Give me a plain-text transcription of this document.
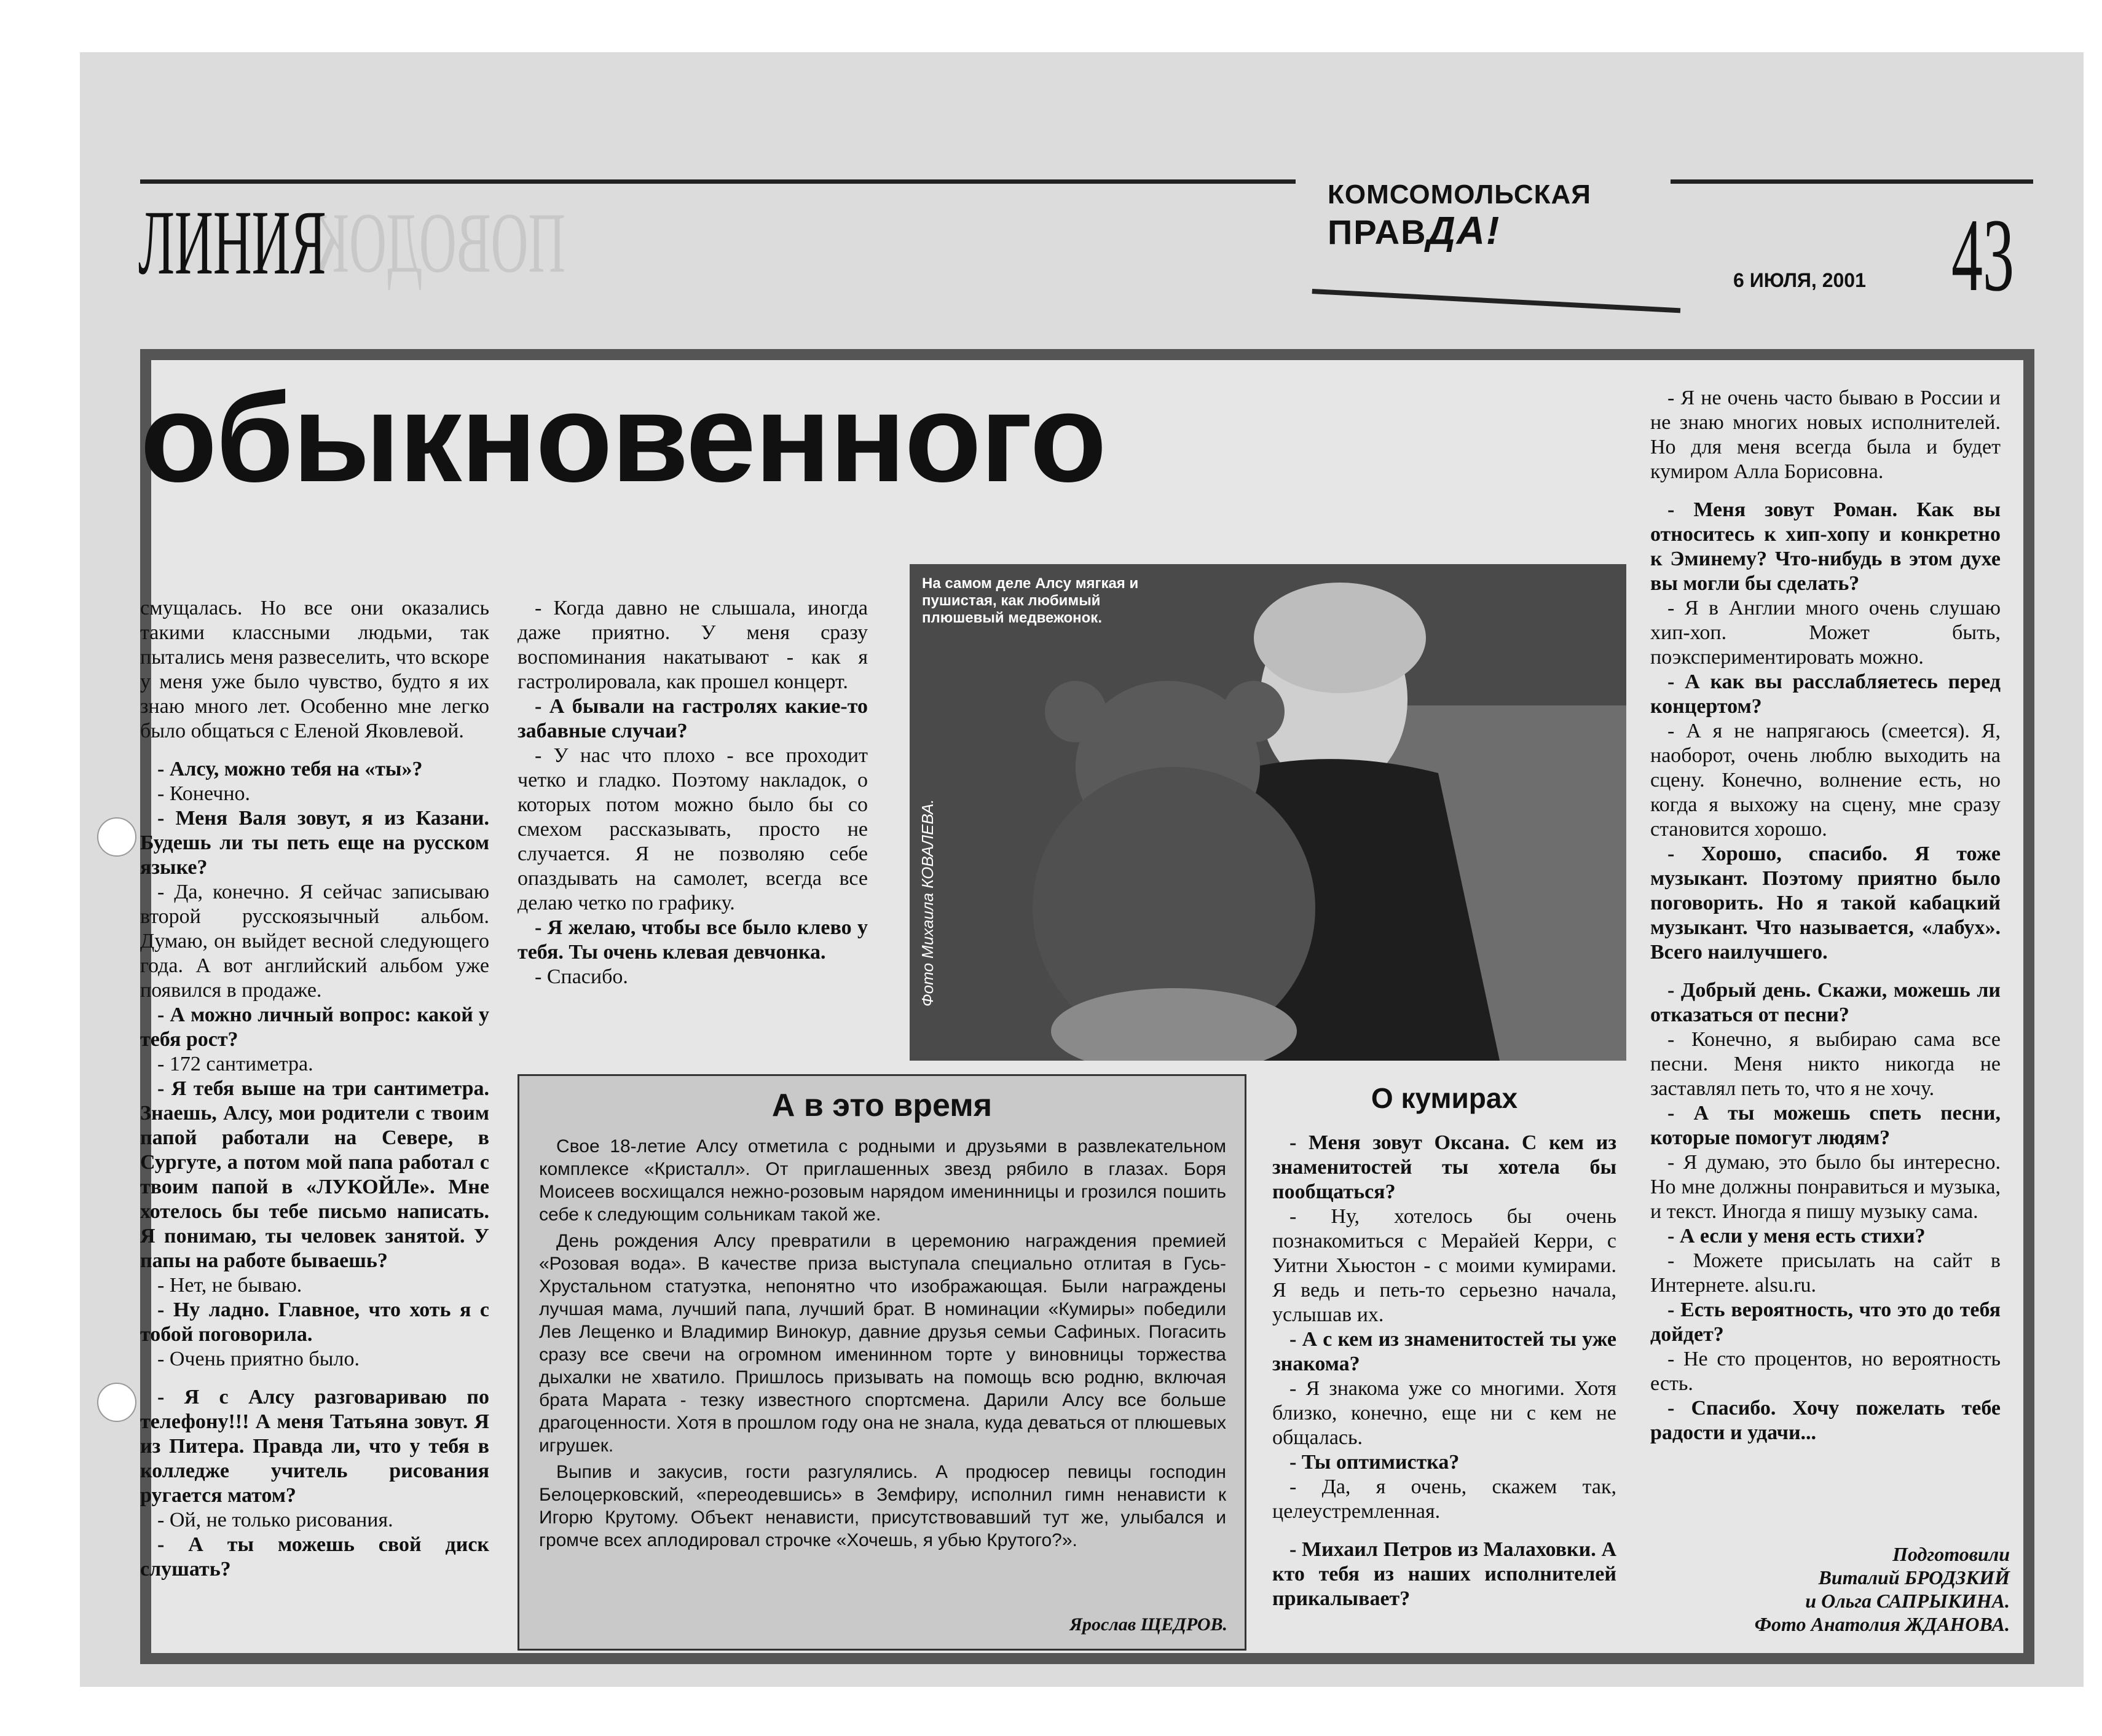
ПОВОДОК
ЛИНИЯ	КОМСОМОЛЬСКАЯ
ПРАВДА!
6 ИЮЛЯ, 2001 43
обыкновенного

смущалась. Но все они оказались такими классными людьми, так пытались меня развеселить, что вскоре у меня уже было чувство, будто я их знаю много лет. Особенно мне легко было общаться с Еленой Яковлевой.

- Алсу, можно тебя на «ты»?

- Конечно.

- Меня Валя зовут, я из Казани. Будешь ли ты петь еще на русском языке?

- Да, конечно. Я сейчас записываю второй русскоязычный альбом. Думаю, он выйдет весной следующего года. А вот английский альбом уже появился в продаже.

- А можно личный вопрос: какой у тебя рост?

- 172 сантиметра.

- Я тебя выше на три сантиметра. Знаешь, Алсу, мои родители с твоим папой работали на Севере, в Сургуте, а потом мой папа работал с твоим папой в «ЛУКОЙЛе». Мне хотелось бы тебе письмо написать. Я понимаю, ты человек занятой. У папы на работе бываешь?

- Нет, не бываю.

- Ну ладно. Главное, что хоть я с тобой поговорила.

- Очень приятно было.

- Я с Алсу разговариваю по телефону!!! А меня Татьяна зовут. Я из Питера. Правда ли, что у тебя в колледже учитель рисования ругается матом?

- Ой, не только рисования.

- А ты можешь свой диск слушать?

- Когда давно не слышала, иногда даже приятно. У меня сразу воспоминания накатывают - как я гастролировала, как прошел концерт.

- А бывали на гастролях какие-то забавные случаи?

- У нас что плохо - все проходит четко и гладко. Поэтому накладок, о которых потом можно было бы со смехом рассказывать, просто не случается. Я не позволяю себе опаздывать на самолет, всегда все делаю четко по графику.

- Я желаю, чтобы все было клево у тебя. Ты очень клевая девчонка.

- Спасибо.

На самом деле Алсу мягкая и пушистая, как любимый плюшевый медвежонок.
Фото Михаила КОВАЛЕВА.
А в это время

Свое 18-летие Алсу отметила с родными и друзьями в развлекательном комплексе «Кристалл». От приглашенных звезд рябило в глазах. Боря Моисеев восхищался нежно-розовым нарядом именинницы и грозился пошить себе к следующим сольникам такой же.

День рождения Алсу превратили в церемонию награждения премией «Розовая вода». В качестве приза выступала специально отлитая в Гусь-Хрустальном статуэтка, непонятно что изображающая. Были награждены лучшая мама, лучший папа, лучший брат. В номинации «Кумиры» победили Лев Лещенко и Владимир Винокур, давние друзья семьи Сафиных. Погасить сразу все свечи на огромном именинном торте у виновницы торжества дыхалки не хватило. Пришлось призывать на помощь всю родню, включая брата Марата - тезку известного спортсмена. Дарили Алсу все больше драгоценности. Хотя в прошлом году она не знала, куда деваться от плюшевых игрушек.

Выпив и закусив, гости разгулялись. А продюсер певицы господин Белоцерковский, «переодевшись» в Земфиру, исполнил гимн ненависти к Игорю Крутому. Объект ненависти, присутствовавший тут же, улыбался и громче всех аплодировал строчке «Хочешь, я убью Крутого?».

Ярослав ЩЕДРОВ.
О кумирах

- Меня зовут Оксана. С кем из знаменитостей ты хотела бы пообщаться?

- Ну, хотелось бы очень познакомиться с Мерайей Керри, с Уитни Хьюстон - с моими кумирами. Я ведь и петь-то серьезно начала, услышав их.

- А с кем из знаменитостей ты уже знакома?

- Я знакома уже со многими. Хотя близко, конечно, еще ни с кем не общалась.

- Ты оптимистка?

- Да, я очень, скажем так, целеустремленная.

- Михаил Петров из Малаховки. А кто тебя из наших исполнителей прикалывает?

- Я не очень часто бываю в России и не знаю многих новых исполнителей. Но для меня всегда была и будет кумиром Алла Борисовна.

- Меня зовут Роман. Как вы относитесь к хип-хопу и конкретно к Эминему? Что-нибудь в этом духе вы могли бы сделать?

- Я в Англии много очень слушаю хип-хоп. Может быть, поэкспериментировать можно.

- А как вы расслабляетесь перед концертом?

- А я не напрягаюсь (смеется). Я, наоборот, очень люблю выходить на сцену. Конечно, волнение есть, но когда я выхожу на сцену, мне сразу становится хорошо.

- Хорошо, спасибо. Я тоже музыкант. Поэтому приятно было поговорить. Но я такой кабацкий музыкант. Что называется, «лабух». Всего наилучшего.

- Добрый день. Скажи, можешь ли отказаться от песни?

- Конечно, я выбираю сама все песни. Меня никто никогда не заставлял петь то, что я не хочу.

- А ты можешь спеть песни, которые помогут людям?

- Я думаю, это было бы интересно. Но мне должны понравиться и музыка, и текст. Иногда я пишу музыку сама.

- А если у меня есть стихи?

- Можете присылать на сайт в Интернете. alsu.ru.

- Есть вероятность, что это до тебя дойдет?

- Не сто процентов, но вероятность есть.

- Спасибо. Хочу пожелать тебе радости и удачи...

Подготовили
Виталий БРОДЗКИЙ
и Ольга САПРЫКИНА.
Фото Анатолия ЖДАНОВА.
